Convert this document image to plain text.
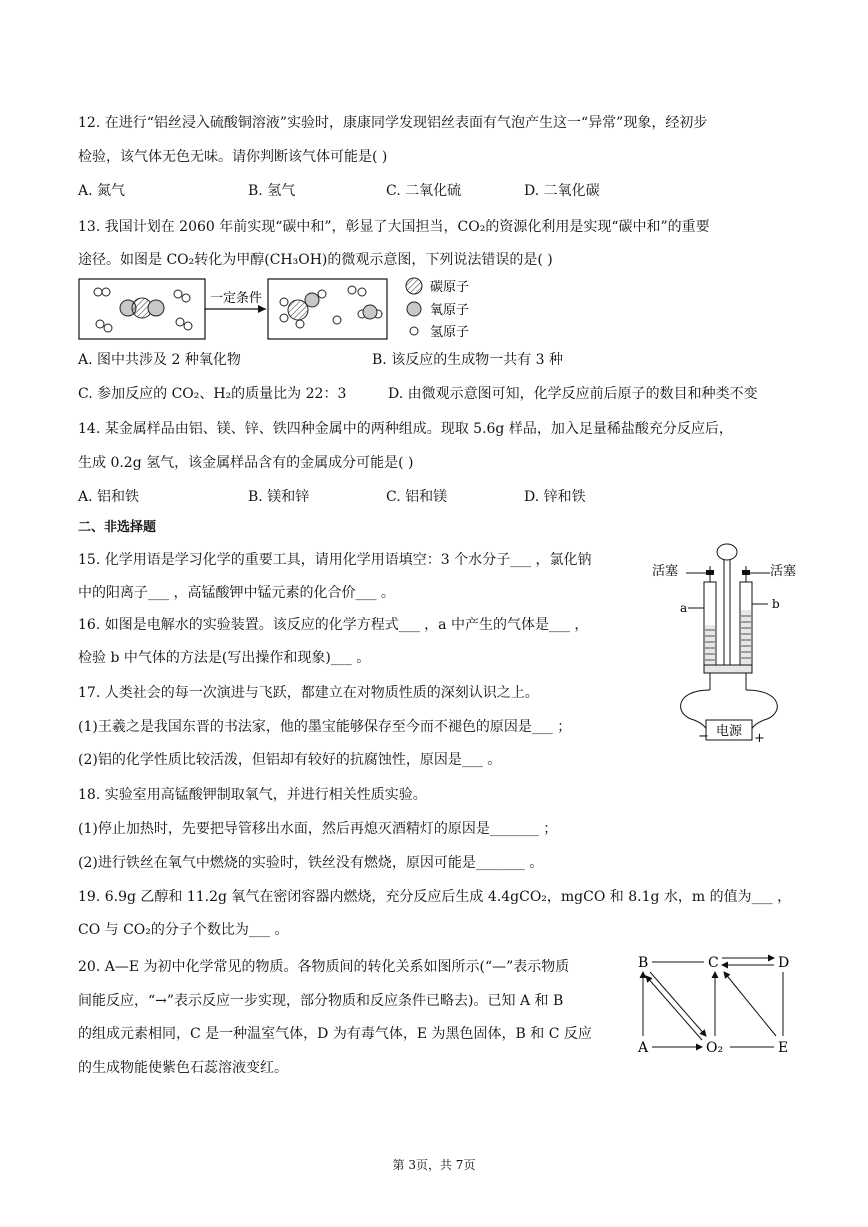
12. 在进行“铝丝浸入硫酸铜溶液”实验时，康康同学发现铝丝表面有气泡产生这一“异常”现象，经初步
检验，该气体无色无味。请你判断该气体可能是( )
A. 氮气	B. 氢气	C. 二氧化硫	D. 二氧化碳
13. 我国计划在 2060 年前实现“碳中和”，彰显了大国担当，CO₂的资源化利用是实现“碳中和”的重要
途径。如图是 CO₂转化为甲醇(CH₃OH)的微观示意图，下列说法错误的是( )
一定条件
碳原子
氧原子
氢原子
A. 图中共涉及 2 种氧化物	B. 该反应的生成物一共有 3 种
C. 参加反应的 CO₂、H₂的质量比为 22：3	D. 由微观示意图可知，化学反应前后原子的数目和种类不变
14. 某金属样品由铝、镁、锌、铁四种金属中的两种组成。现取 5.6g 样品，加入足量稀盐酸充分反应后，
生成 0.2g 氢气，该金属样品含有的金属成分可能是( )
A. 铝和铁	B. 镁和锌	C. 铝和镁	D. 锌和铁
二、非选择题
15. 化学用语是学习化学的重要工具，请用化学用语填空：3 个水分子___ ，氯化钠
中的阳离子___ ，高锰酸钾中锰元素的化合价___ 。
16. 如图是电解水的实验装置。该反应的化学方程式___ ，a 中产生的气体是___ ，
检验 b 中气体的方法是(写出操作和现象)___ 。
电源
−	+
活塞	活塞
a	b
17. 人类社会的每一次演进与飞跃，都建立在对物质性质的深刻认识之上。
(1)王羲之是我国东晋的书法家，他的墨宝能够保存至今而不褪色的原因是___ ；
(2)铝的化学性质比较活泼，但铝却有较好的抗腐蚀性，原因是___ 。
18. 实验室用高锰酸钾制取氧气，并进行相关性质实验。
(1)停止加热时，先要把导管移出水面，然后再熄灭酒精灯的原因是_______ ；
(2)进行铁丝在氧气中燃烧的实验时，铁丝没有燃烧，原因可能是_______ 。
19. 6.9g 乙醇和 11.2g 氧气在密闭容器内燃烧，充分反应后生成 4.4gCO₂，mgCO 和 8.1g 水，m 的值为___ ，
CO 与 CO₂的分子个数比为___ 。
20. A—E 为初中化学常见的物质。各物质间的转化关系如图所示(“—”表示物质
间能反应，“→”表示反应一步实现，部分物质和反应条件已略去)。已知 A 和 B
的组成元素相同，C 是一种温室气体，D 为有毒气体，E 为黑色固体，B 和 C 反应
的生成物能使紫色石蕊溶液变红。
B	C	D
A	O₂	E
第 3页，共 7页
